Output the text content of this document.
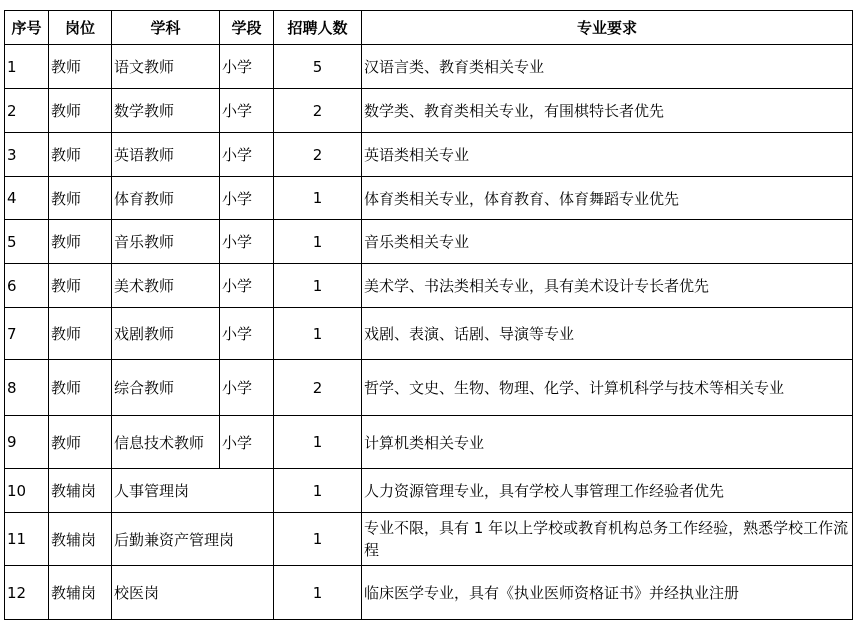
序号	岗位	学科	学段	招聘人数	专业要求
1	教师	语文教师	小学	5	汉语言类、教育类相关专业
2	教师	数学教师	小学	2	数学类、教育类相关专业，有围棋特长者优先
3	教师	英语教师	小学	2	英语类相关专业
4	教师	体育教师	小学	1	体育类相关专业，体育教育、体育舞蹈专业优先
5	教师	音乐教师	小学	1	音乐类相关专业
6	教师	美术教师	小学	1	美术学、书法类相关专业，具有美术设计专长者优先
7	教师	戏剧教师	小学	1	戏剧、表演、话剧、导演等专业
8	教师	综合教师	小学	2	哲学、文史、生物、物理、化学、计算机科学与技术等相关专业
9	教师	信息技术教师	小学	1	计算机类相关专业
10	教辅岗	人事管理岗		1	人力资源管理专业，具有学校人事管理工作经验者优先
11	教辅岗	后勤兼资产管理岗		1	专业不限，具有 1 年以上学校或教育机构总务工作经验，熟悉学校工作流程
12	教辅岗	校医岗		1	临床医学专业，具有《执业医师资格证书》并经执业注册
